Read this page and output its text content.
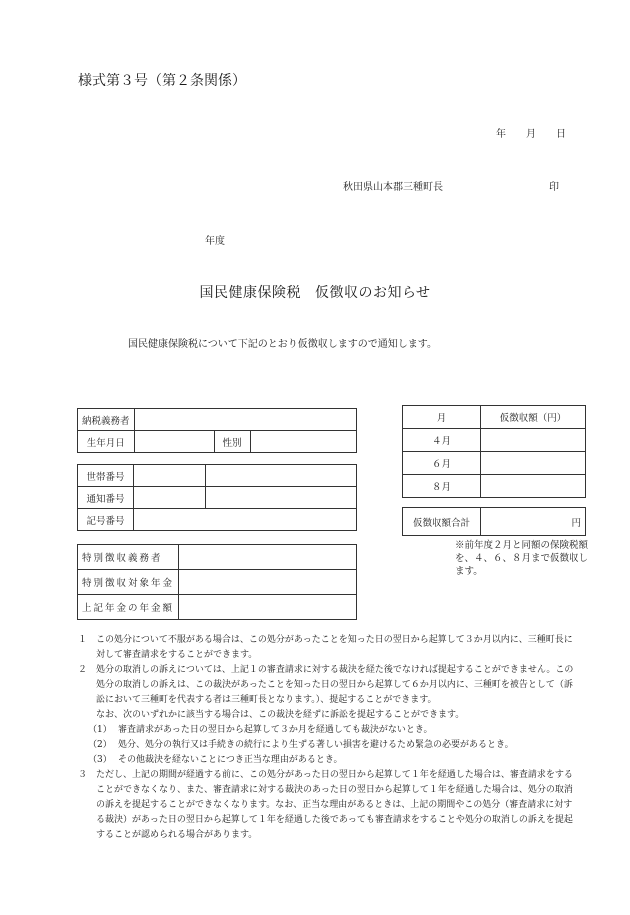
様式第３号（第２条関係）
年　　月　　日
秋田県山本郡三種町長	印
年度
国民健康保険税 仮徴収のお知らせ
国民健康保険税について下記のとおり仮徴収しますので通知します。
納税義務者			
生年月日		性別	
世帯番号		
通知番号		
記号番号		
特別徴収義務者	
特別徴収対象年金	
上記年金の年金額	
月	仮徴収額（円）
４月	
６月	
８月	
仮徴収額合計	円
※前年度２月と同額の保険税額を、４、６、８月まで仮徴収します。
１ この処分について不服がある場合は、この処分があったことを知った日の翌日から起算して３か月以内に、三種町長に対して審査請求をすることができます。

２ 処分の取消しの訴えについては、上記１の審査請求に対する裁決を経た後でなければ提起することができません。この処分の取消しの訴えは、この裁決があったことを知った日の翌日から起算して６か月以内に、三種町を被告として（訴訟において三種町を代表する者は三種町長となります。）、提起することができます。

なお、次のいずれかに該当する場合は、この裁決を経ずに訴訟を提起することができます。

（1） 審査請求があった日の翌日から起算して３か月を経過しても裁決がないとき。

（2） 処分、処分の執行又は手続きの続行により生ずる著しい損害を避けるため緊急の必要があるとき。

（3） その他裁決を経ないことにつき正当な理由があるとき。

３ ただし、上記の期間が経過する前に、この処分があった日の翌日から起算して１年を経過した場合は、審査請求をすることができなくなり、また、審査請求に対する裁決のあった日の翌日から起算して１年を経過した場合は、処分の取消の訴えを提起することができなくなります。なお、正当な理由があるときは、上記の期間やこの処分（審査請求に対する裁決）があった日の翌日から起算して１年を経過した後であっても審査請求をすることや処分の取消しの訴えを提起することが認められる場合があります。
